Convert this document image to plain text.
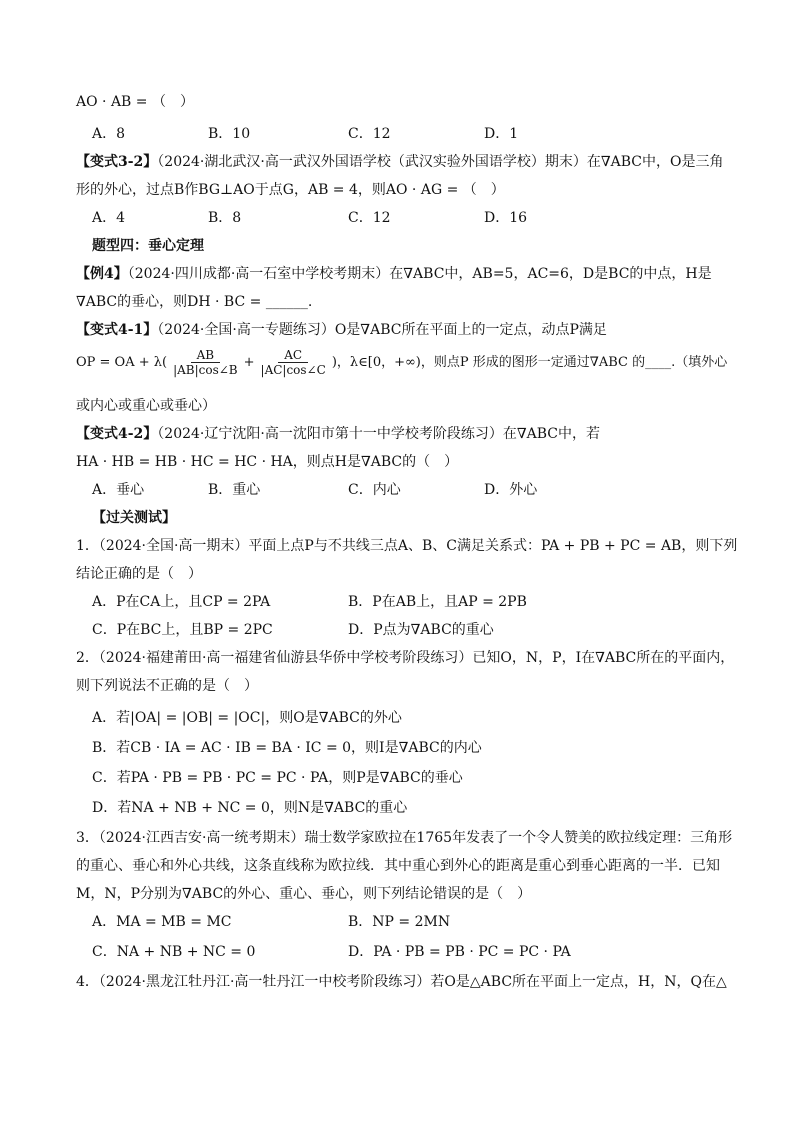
AO · AB = （　）
A．8	B．10	C．12	D．1
【变式3-2】（2024·湖北武汉·高一武汉外国语学校（武汉实验外国语学校）期末）在∇ABC中，O是三角
形的外心，过点B作BG⊥AO于点G，AB = 4，则AO · AG = （　）
A．4	B．8	C．12	D．16
题型四：垂心定理
【例4】（2024·四川成都·高一石室中学校考期末）在∇ABC中，AB=5，AC=6，D是BC的中点，H是
∇ABC的垂心，则DH · BC = ______.
【变式4-1】（2024·全国·高一专题练习）O是∇ABC所在平面上的一定点，动点P满足
OP = OA + $\lambda( \frac{AB}{|AB|\cos\angle B} + \frac{AC}{|AC|\cos\angle C}$ )，λ∈[0，+∞)，则点P 形成的图形一定通过∇ABC 的____.（填外心
或内心或重心或垂心）
【变式4-2】（2024·辽宁沈阳·高一沈阳市第十一中学校考阶段练习）在∇ABC中，若
HA · HB = HB · HC = HC · HA，则点H是∇ABC的（　）
A．垂心	B．重心	C．内心	D．外心
【过关测试】
1．（2024·全国·高一期末）平面上点P与不共线三点A、B、C满足关系式：PA + PB + PC = AB，则下列
结论正确的是（　）
A．P在CA上，且CP = 2PA	B．P在AB上，且AP = 2PB
C．P在BC上，且BP = 2PC	D．P点为∇ABC的重心
2．（2024·福建莆田·高一福建省仙游县华侨中学校考阶段练习）已知O，N，P，I在∇ABC所在的平面内，
则下列说法不正确的是（　）
A．若|OA| = |OB| = |OC|，则O是∇ABC的外心
B．若CB · IA = AC · IB = BA · IC = 0，则I是∇ABC的内心
C．若PA · PB = PB · PC = PC · PA，则P是∇ABC的垂心
D．若NA + NB + NC = 0，则N是∇ABC的重心
3．（2024·江西吉安·高一统考期末）瑞士数学家欧拉在1765年发表了一个令人赞美的欧拉线定理：三角形
的重心、垂心和外心共线，这条直线称为欧拉线．其中重心到外心的距离是重心到垂心距离的一半．已知
M，N，P分别为∇ABC的外心、重心、垂心，则下列结论错误的是（　）
A．MA = MB = MC	B．NP = 2MN
C．NA + NB + NC = 0	D．PA · PB = PB · PC = PC · PA
4．（2024·黑龙江牡丹江·高一牡丹江一中校考阶段练习）若O是△ABC所在平面上一定点，H，N，Q在△
